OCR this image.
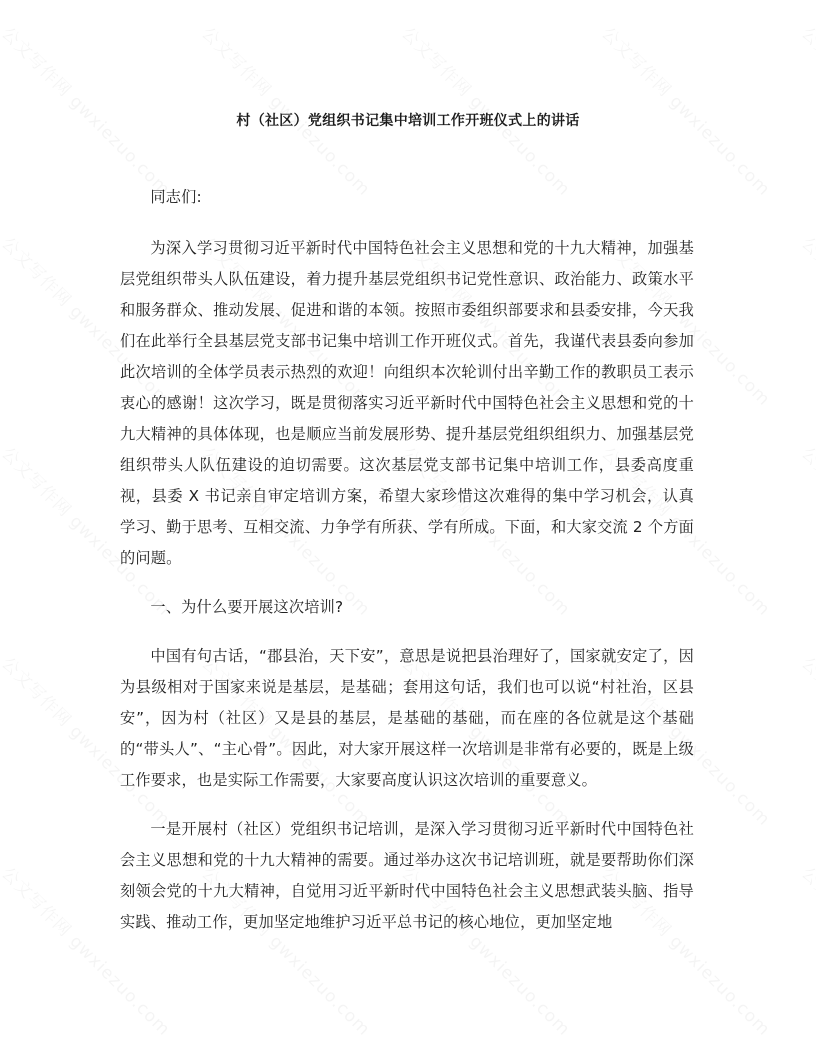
村（社区）党组织书记集中培训工作开班仪式上的讲话

同志们:

为深入学习贯彻习近平新时代中国特色社会主义思想和党的十九大精神，加强基层党组织带头人队伍建设，着力提升基层党组织书记党性意识、政治能力、政策水平和服务群众、推动发展、促进和谐的本领。按照市委组织部要求和县委安排，今天我们在此举行全县基层党支部书记集中培训工作开班仪式。首先，我谨代表县委向参加此次培训的全体学员表示热烈的欢迎！向组织本次轮训付出辛勤工作的教职员工表示衷心的感谢！这次学习，既是贯彻落实习近平新时代中国特色社会主义思想和党的十九大精神的具体体现，也是顺应当前发展形势、提升基层党组织组织力、加强基层党组织带头人队伍建设的迫切需要。这次基层党支部书记集中培训工作，县委高度重视，县委 X 书记亲自审定培训方案，希望大家珍惜这次难得的集中学习机会，认真学习、勤于思考、互相交流、力争学有所获、学有所成。下面，和大家交流 2 个方面的问题。

一、为什么要开展这次培训?

中国有句古话，“郡县治，天下安”，意思是说把县治理好了，国家就安定了，因为县级相对于国家来说是基层，是基础；套用这句话，我们也可以说“村社治，区县安”，因为村（社区）又是县的基层，是基础的基础，而在座的各位就是这个基础的“带头人”、“主心骨”。因此，对大家开展这样一次培训是非常有必要的，既是上级工作要求，也是实际工作需要，大家要高度认识这次培训的重要意义。

一是开展村（社区）党组织书记培训，是深入学习贯彻习近平新时代中国特色社会主义思想和党的十九大精神的需要。通过举办这次书记培训班，就是要帮助你们深刻领会党的十九大精神，自觉用习近平新时代中国特色社会主义思想武装头脑、指导实践、推动工作，更加坚定地维护习近平总书记的核心地位，更加坚定地
